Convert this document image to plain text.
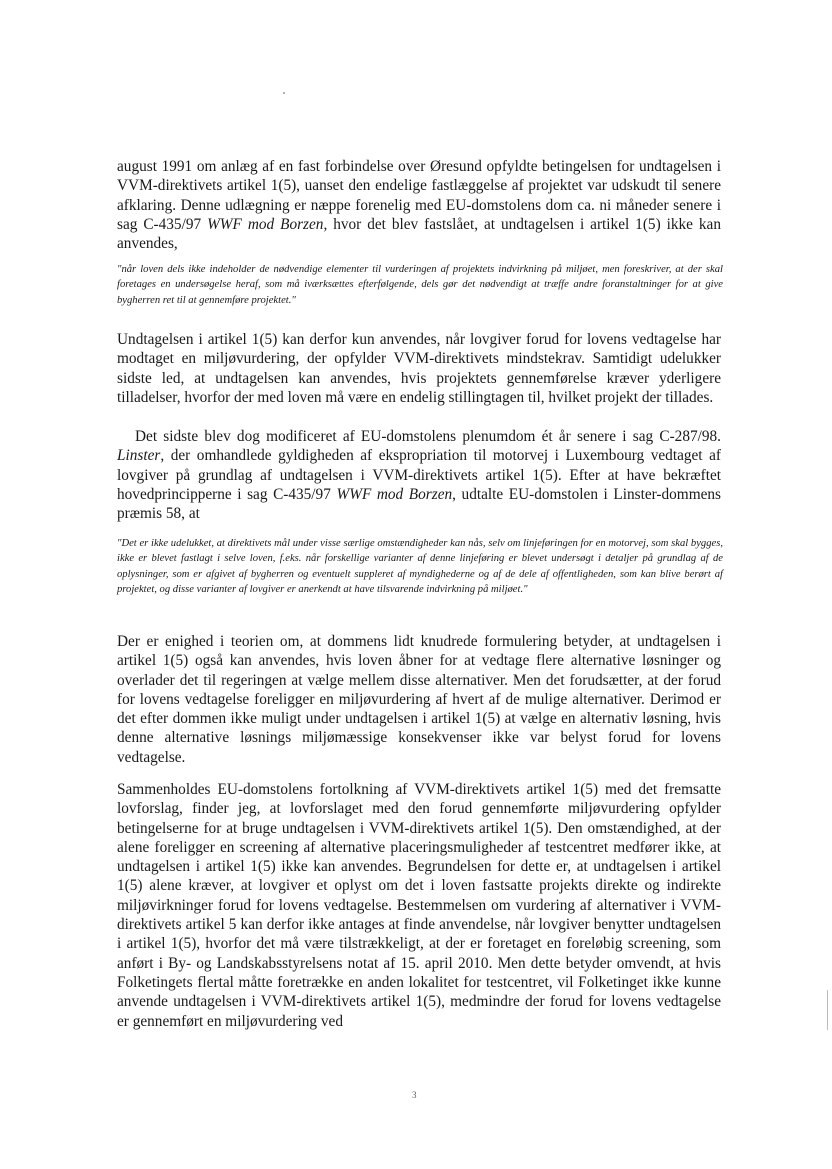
august 1991 om anlæg af en fast forbindelse over Øresund opfyldte betingelsen for undtagelsen i VVM-direktivets artikel 1(5), uanset den endelige fastlæggelse af projektet var udskudt til senere afklaring. Denne udlægning er næppe forenelig med EU-domstolens dom ca. ni måneder senere i sag C-435/97 WWF mod Borzen, hvor det blev fastslået, at undtagelsen i artikel 1(5) ikke kan anvendes,

"når loven dels ikke indeholder de nødvendige elementer til vurderingen af projektets indvirkning på miljøet, men foreskriver, at der skal foretages en undersøgelse heraf, som må iværksættes efterfølgende, dels gør det nødvendigt at træffe andre foranstaltninger for at give bygherren ret til at gennemføre projektet."

Undtagelsen i artikel 1(5) kan derfor kun anvendes, når lovgiver forud for lovens vedtagelse har modtaget en miljøvurdering, der opfylder VVM-direktivets mindstekrav. Samtidigt udelukker sidste led, at undtagelsen kan anvendes, hvis projektets gennemførelse kræver yderligere tilladelser, hvorfor der med loven må være en endelig stillingtagen til, hvilket projekt der tillades.

Det sidste blev dog modificeret af EU-domstolens plenumdom ét år senere i sag C-287/98. Linster, der omhandlede gyldigheden af ekspropriation til motorvej i Luxembourg vedtaget af lovgiver på grundlag af undtagelsen i VVM-direktivets artikel 1(5). Efter at have bekræftet hovedprincipperne i sag C-435/97 WWF mod Borzen, udtalte EU-domstolen i Linster-dommens præmis 58, at

"Det er ikke udelukket, at direktivets mål under visse særlige omstændigheder kan nås, selv om linjeføringen for en motorvej, som skal bygges, ikke er blevet fastlagt i selve loven, f.eks. når forskellige varianter af denne linjeføring er blevet undersøgt i detaljer på grundlag af de oplysninger, som er afgivet af bygherren og eventuelt suppleret af myndighederne og af de dele af offentligheden, som kan blive berørt af projektet, og disse varianter af lovgiver er anerkendt at have tilsvarende indvirkning på miljøet."

Der er enighed i teorien om, at dommens lidt knudrede formulering betyder, at undtagelsen i artikel 1(5) også kan anvendes, hvis loven åbner for at vedtage flere alternative løsninger og overlader det til regeringen at vælge mellem disse alternativer. Men det forudsætter, at der forud for lovens vedtagelse foreligger en miljøvurdering af hvert af de mulige alternativer. Derimod er det efter dommen ikke muligt under undtagelsen i artikel 1(5) at vælge en alternativ løsning, hvis denne alternative løsnings miljømæssige konsekvenser ikke var belyst forud for lovens vedtagelse.

Sammenholdes EU-domstolens fortolkning af VVM-direktivets artikel 1(5) med det fremsatte lovforslag, finder jeg, at lovforslaget med den forud gennemførte miljøvurdering opfylder betingelserne for at bruge undtagelsen i VVM-direktivets artikel 1(5). Den omstændighed, at der alene foreligger en screening af alternative placeringsmuligheder af testcentret medfører ikke, at undtagelsen i artikel 1(5) ikke kan anvendes. Begrundelsen for dette er, at undtagelsen i artikel 1(5) alene kræver, at lovgiver et oplyst om det i loven fastsatte projekts direkte og indirekte miljøvirkninger forud for lovens vedtagelse. Bestemmelsen om vurdering af alternativer i VVM-direktivets artikel 5 kan derfor ikke antages at finde anvendelse, når lovgiver benytter undtagelsen i artikel 1(5), hvorfor det må være tilstrækkeligt, at der er foretaget en foreløbig screening, som anført i By- og Landskabsstyrelsens notat af 15. april 2010. Men dette betyder omvendt, at hvis Folketingets flertal måtte foretrække en anden lokalitet for testcentret, vil Folketinget ikke kunne anvende undtagelsen i VVM-direktivets artikel 1(5), medmindre der forud for lovens vedtagelse er gennemført en miljøvurdering ved

3
